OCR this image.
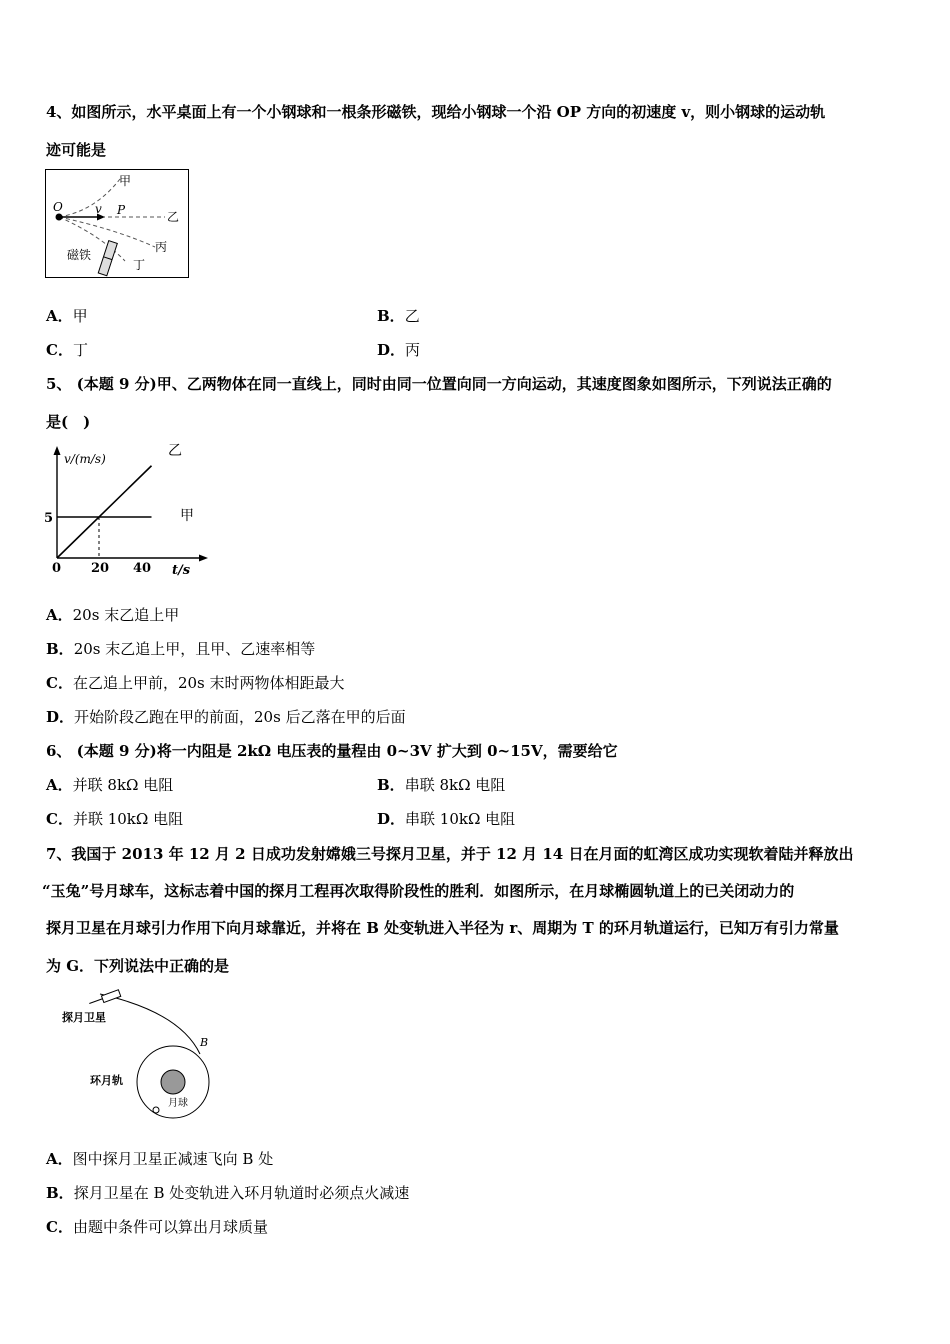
4、如图所示，水平桌面上有一个小钢球和一根条形磁铁，现给小钢球一个沿 OP 方向的初速度 v，则小钢球的运动轨
迹可能是
甲
O	v P	乙
丙
磁铁
丁
A．甲	B．乙
C．丁	D．丙
5、 (本题 9 分)甲、乙两物体在同一直线上，同时由同一位置向同一方向运动，其速度图象如图所示，下列说法正确的
是(　)
v/(m/s)
t/s
乙
甲
0 20 40
5
A．20s 末乙追上甲
B．20s 末乙追上甲，且甲、乙速率相等
C．在乙追上甲前，20s 末时两物体相距最大
D．开始阶段乙跑在甲的前面，20s 后乙落在甲的后面
6、 (本题 9 分)将一内阻是 2kΩ 电压表的量程由 0~3V 扩大到 0~15V，需要给它
A．并联 8kΩ 电阻	B．串联 8kΩ 电阻
C．并联 10kΩ 电阻	D．串联 10kΩ 电阻
7、我国于 2013 年 12 月 2 日成功发射嫦娥三号探月卫星，并于 12 月 14 日在月面的虹湾区成功实现软着陆并释放出
“玉兔”号月球车，这标志着中国的探月工程再次取得阶段性的胜利．如图所示，在月球椭圆轨道上的已关闭动力的
探月卫星在月球引力作用下向月球靠近，并将在 B 处变轨进入半径为 r、周期为 T 的环月轨道运行，已知万有引力常量
为 G．下列说法中正确的是
探月卫星
B
环月轨
月球
A．图中探月卫星正减速飞向 B 处
B．探月卫星在 B 处变轨进入环月轨道时必须点火减速
C．由题中条件可以算出月球质量
